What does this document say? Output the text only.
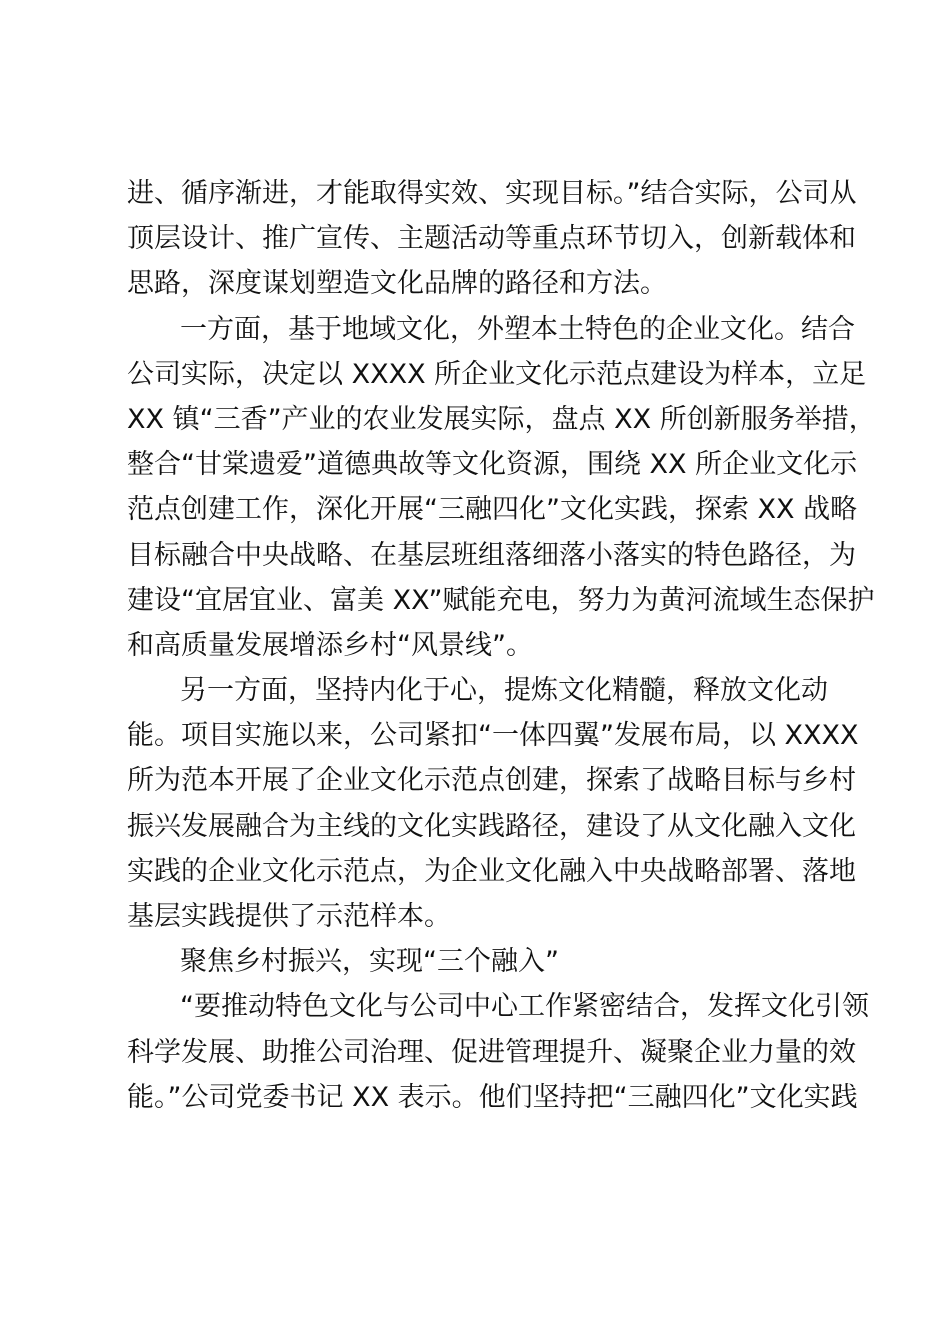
进、循序渐进，才能取得实效、实现目标。”结合实际，公司从
顶层设计、推广宣传、主题活动等重点环节切入，创新载体和
思路，深度谋划塑造文化品牌的路径和方法。
一方面，基于地域文化，外塑本土特色的企业文化。结合
公司实际，决定以 XXXX 所企业文化示范点建设为样本，立足
XX 镇“三香”产业的农业发展实际，盘点 XX 所创新服务举措，
整合“甘棠遗爱”道德典故等文化资源，围绕 XX 所企业文化示
范点创建工作，深化开展“三融四化”文化实践，探索 XX 战略
目标融合中央战略、在基层班组落细落小落实的特色路径，为
建设“宜居宜业、富美 XX”赋能充电，努力为黄河流域生态保护
和高质量发展增添乡村“风景线”。
另一方面，坚持内化于心，提炼文化精髓，释放文化动
能。项目实施以来，公司紧扣“一体四翼”发展布局，以 XXXX
所为范本开展了企业文化示范点创建，探索了战略目标与乡村
振兴发展融合为主线的文化实践路径，建设了从文化融入文化
实践的企业文化示范点，为企业文化融入中央战略部署、落地
基层实践提供了示范样本。
聚焦乡村振兴，实现“三个融入”
“要推动特色文化与公司中心工作紧密结合，发挥文化引领
科学发展、助推公司治理、促进管理提升、凝聚企业力量的效
能。”公司党委书记 XX 表示。他们坚持把“三融四化”文化实践
